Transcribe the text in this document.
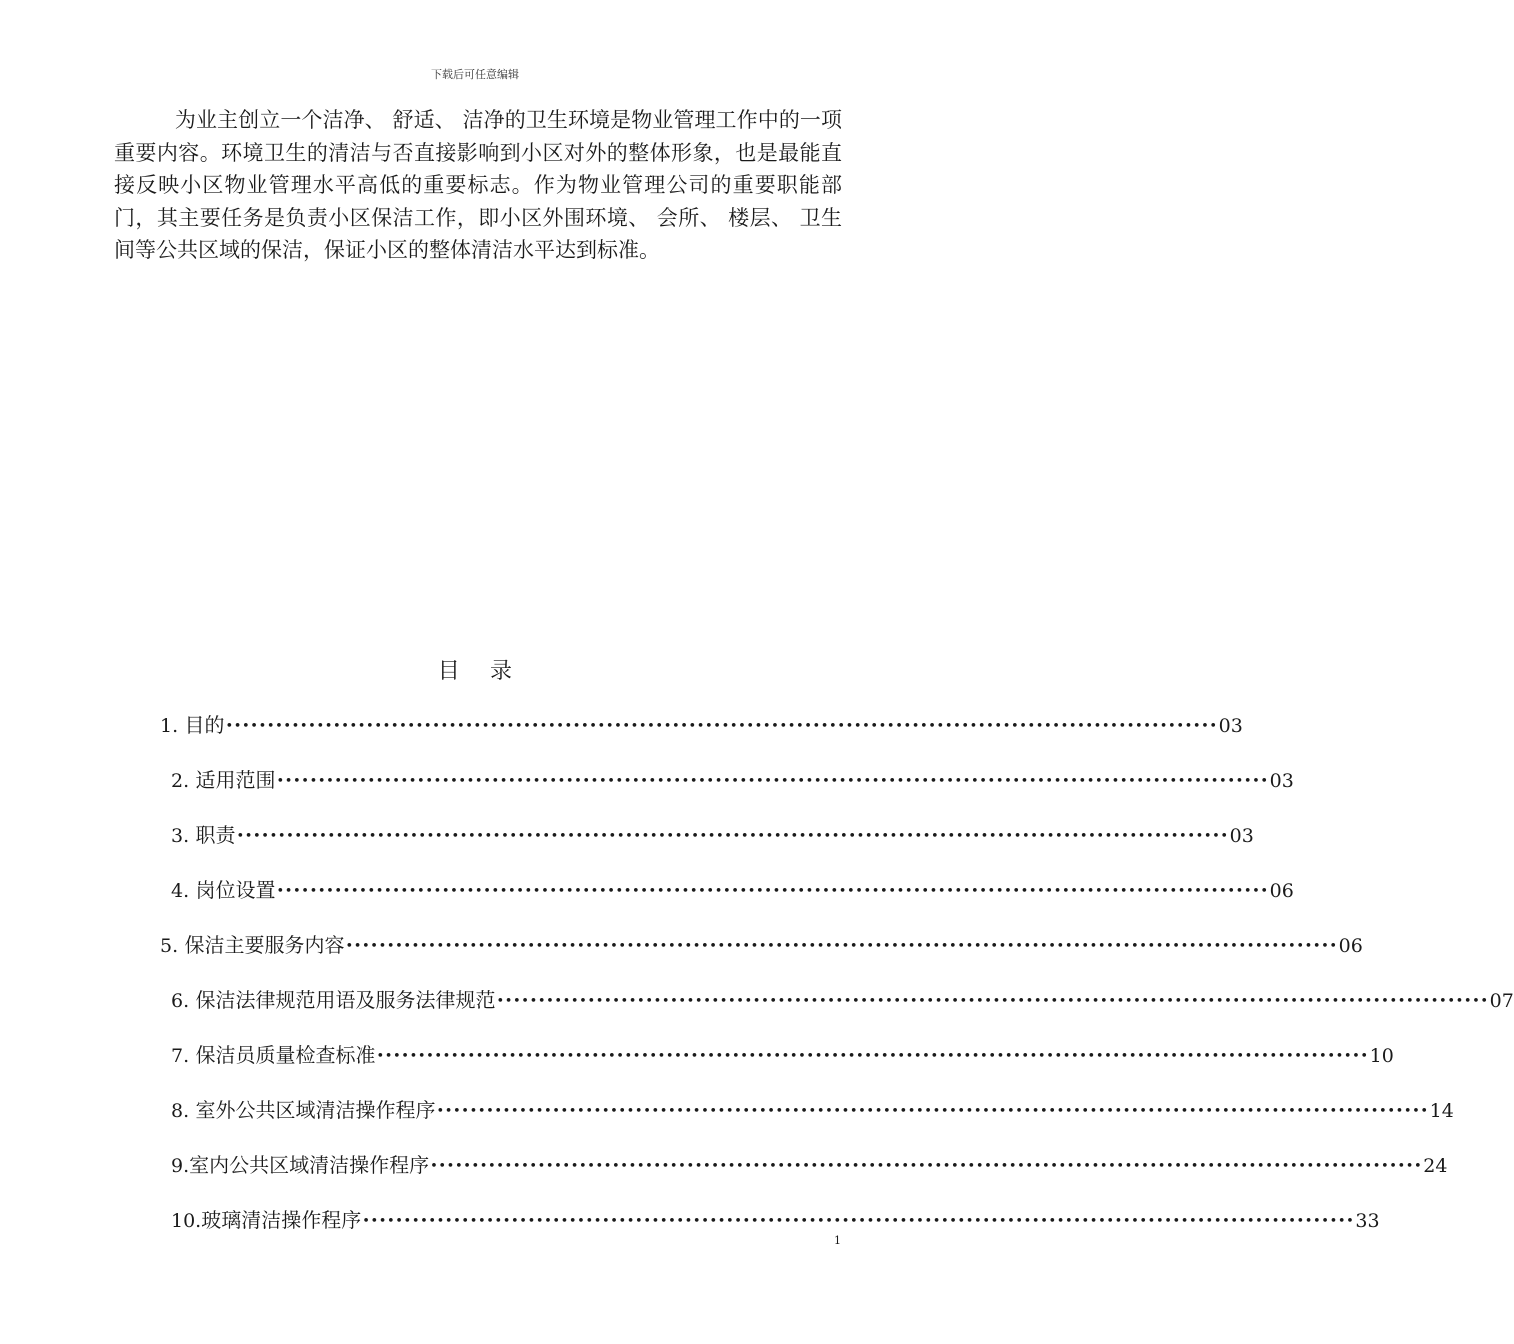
下载后可任意编辑

为业主创立一个洁净、 舒适、 洁净的卫生环境是物业管理工作中的一项重要内容。环境卫生的清洁与否直接影响到小区对外的整体形象，也是最能直接反映小区物业管理水平高低的重要标志。作为物业管理公司的重要职能部门，其主要任务是负责小区保洁工作，即小区外围环境、 会所、 楼层、 卫生间等公共区域的保洁，保证小区的整体清洁水平达到标准。

目 录
1.
目的 •••••••••••••••••••••••••••••••••••••••••••••••••••••••••••••••••••••••••••••••••••••••••••••••••••••••••••••••••••••••• 03
2.
适用范围 •••••••••••••••••••••••••••••••••••••••••••••••••••••••••••••••••••••••••••••••••••••••••••••••••••••••••••••••••••••••• 03
3.
职责 •••••••••••••••••••••••••••••••••••••••••••••••••••••••••••••••••••••••••••••••••••••••••••••••••••••••••••••••••••••••• 03
4.
岗位设置 •••••••••••••••••••••••••••••••••••••••••••••••••••••••••••••••••••••••••••••••••••••••••••••••••••••••••••••••••••••••• 06
5.
保洁主要服务内容 •••••••••••••••••••••••••••••••••••••••••••••••••••••••••••••••••••••••••••••••••••••••••••••••••••••••••••••••••••••••• 06
6.
保洁法律规范用语及服务法律规范 •••••••••••••••••••••••••••••••••••••••••••••••••••••••••••••••••••••••••••••••••••••••••••••••••••••••••••••••••••••••• 07
7.
保洁员质量检查标准 •••••••••••••••••••••••••••••••••••••••••••••••••••••••••••••••••••••••••••••••••••••••••••••••••••••••••••••••••••••••• 10
8.
室外公共区域清洁操作程序 •••••••••••••••••••••••••••••••••••••••••••••••••••••••••••••••••••••••••••••••••••••••••••••••••••••••••••••••••••••••• 14
9. 室内公共区域清洁操作程序 •••••••••••••••••••••••••••••••••••••••••••••••••••••••••••••••••••••••••••••••••••••••••••••••••••••••••••••••••••••••• 24
10. 玻璃清洁操作程序 •••••••••••••••••••••••••••••••••••••••••••••••••••••••••••••••••••••••••••••••••••••••••••••••••••••••••••••••••••••••• 33
1
